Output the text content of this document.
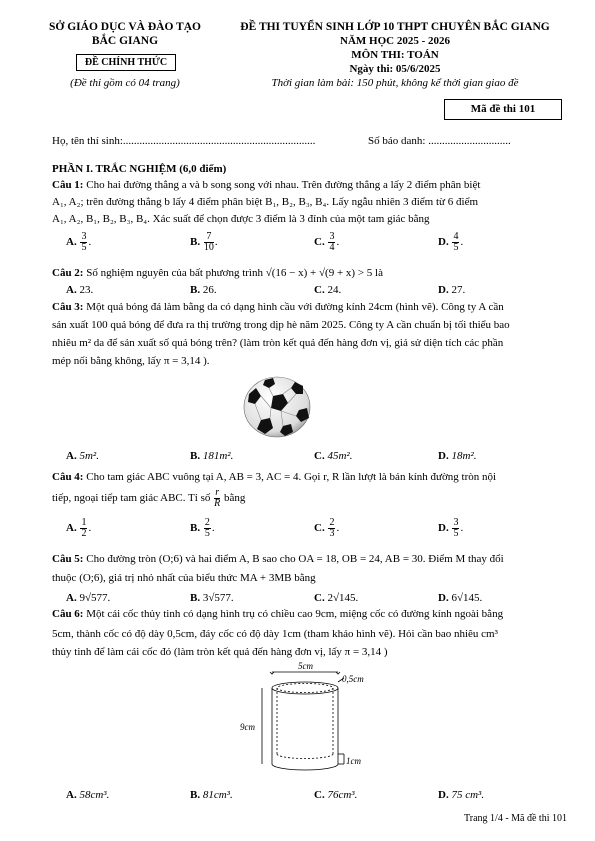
SỞ GIÁO DỤC VÀ ĐÀO TẠO
BẮC GIANG
ĐỀ CHÍNH THỨC
(Đề thi gồm có 04 trang)
ĐỀ THI TUYỂN SINH LỚP 10 THPT CHUYÊN BẮC GIANG
NĂM HỌC 2025 - 2026
MÔN THI: TOÁN
Ngày thi: 05/6/2025
Thời gian làm bài: 150 phút, không kể thời gian giao đề
Mã đề thi 101
Họ, tên thí sinh:......................................................................	Số báo danh: ..............................
PHẦN I. TRẮC NGHIỆM (6,0 điểm)
Câu 1: Cho hai đường thẳng a và b song song với nhau. Trên đường thẳng a lấy 2 điểm phân biệt
A₁, A₂; trên đường thẳng b lấy 4 điểm phân biệt B₁, B₂, B₃, B₄. Lấy ngẫu nhiên 3 điểm từ 6 điểm
A₁, A₂, B₁, B₂, B₃, B₄. Xác suất để chọn được 3 điểm là 3 đỉnh của một tam giác bằng
A. $\frac{3}{5}$ .	B. $\frac{7}{10}$ .	C. $\frac{3}{4}$ .	D. $\frac{4}{5}$ .
Câu 2: Số nghiệm nguyên của bất phương trình √(16 − x) + √(9 + x) > 5 là
A. 23.	B. 26.	C. 24.	D. 27.
Câu 3: Một quả bóng đá làm bằng da có dạng hình cầu với đường kính 24cm (hình vẽ). Công ty A cần
sản xuất 100 quả bóng để đưa ra thị trường trong dịp hè năm 2025. Công ty A cần chuẩn bị tối thiểu bao
nhiêu m² da để sản xuất số quả bóng trên? (làm tròn kết quả đến hàng đơn vị, giả sử diện tích các phần
mép nối bằng không, lấy π = 3,14 ).
A. 5m².	B. 181m².	C. 45m².	D. 18m².
Câu 4: Cho tam giác ABC vuông tại A, AB = 3, AC = 4. Gọi r, R lần lượt là bán kính đường tròn nội
tiếp, ngoại tiếp tam giác ABC. Tỉ số $\frac{r}{R}$ bằng
A. $\frac{1}{2}$ .	B. $\frac{2}{5}$ .	C. $\frac{2}{3}$ .	D. $\frac{3}{5}$ .
Câu 5: Cho đường tròn (O;6) và hai điểm A, B sao cho OA = 18, OB = 24, AB = 30. Điểm M thay đổi
thuộc (O;6), giá trị nhỏ nhất của biểu thức MA + 3MB bằng
A. 9√577.	B. 3√577.	C. 2√145.	D. 6√145.
Câu 6: Một cái cốc thủy tinh có dạng hình trụ có chiều cao 9cm, miệng cốc có đường kính ngoài bằng
5cm, thành cốc có độ dày 0,5cm, đáy cốc có độ dày 1cm (tham khảo hình vẽ). Hỏi cần bao nhiêu cm³
thủy tinh để làm cái cốc đó (làm tròn kết quả đến hàng đơn vị, lấy π = 3,14 )
5cm
0,5cm
9cm
1cm
A. 58cm³.	B. 81cm³.	C. 76cm³.	D. 75 cm³.
Trang 1/4 - Mã đề thi 101
